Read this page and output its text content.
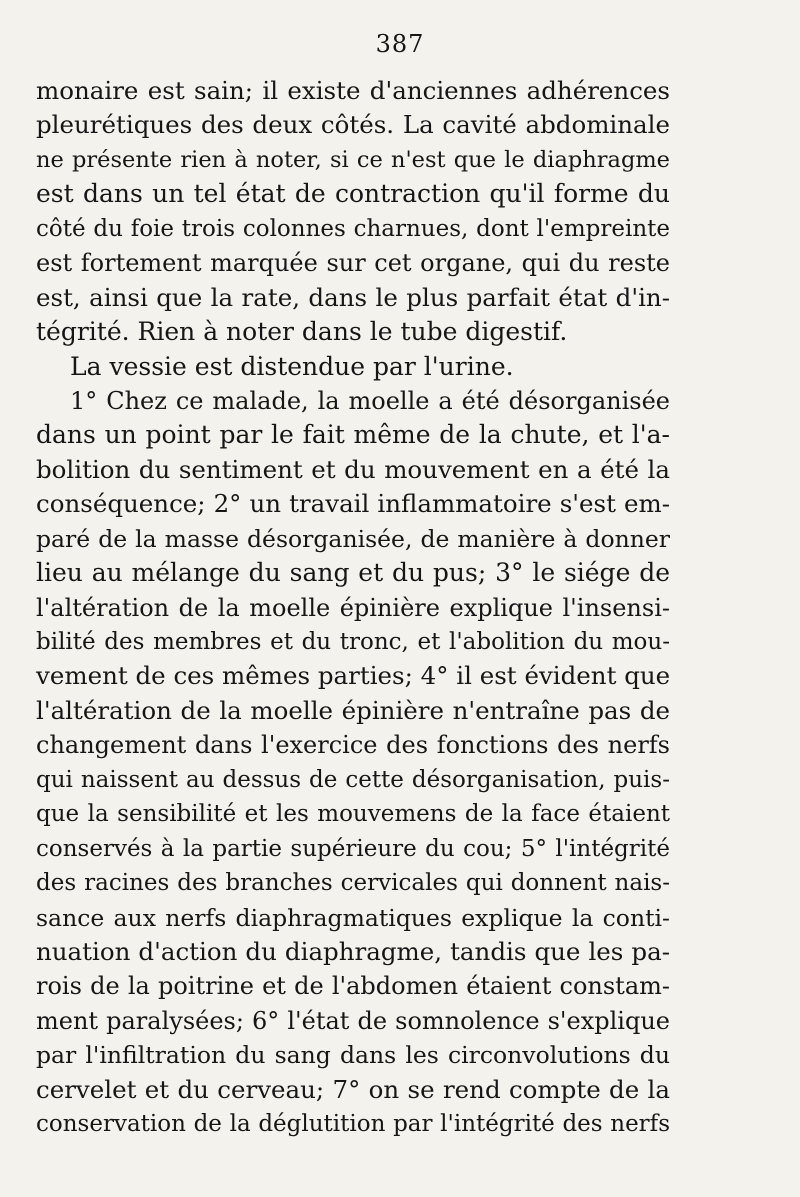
387
monaire est sain; il existe d'anciennes adhérences
pleurétiques des deux côtés. La cavité abdominale
ne présente rien à noter, si ce n'est que le diaphragme
est dans un tel état de contraction qu'il forme du
côté du foie trois colonnes charnues, dont l'empreinte
est fortement marquée sur cet organe, qui du reste
est, ainsi que la rate, dans le plus parfait état d'in-
tégrité. Rien à noter dans le tube digestif.
La vessie est distendue par l'urine.
1° Chez ce malade, la moelle a été désorganisée
dans un point par le fait même de la chute, et l'a-
bolition du sentiment et du mouvement en a été la
conséquence; 2° un travail inflammatoire s'est em-
paré de la masse désorganisée, de manière à donner
lieu au mélange du sang et du pus; 3° le siége de
l'altération de la moelle épinière explique l'insensi-
bilité des membres et du tronc, et l'abolition du mou-
vement de ces mêmes parties; 4° il est évident que
l'altération de la moelle épinière n'entraîne pas de
changement dans l'exercice des fonctions des nerfs
qui naissent au dessus de cette désorganisation, puis-
que la sensibilité et les mouvemens de la face étaient
conservés à la partie supérieure du cou; 5° l'intégrité
des racines des branches cervicales qui donnent nais-
sance aux nerfs diaphragmatiques explique la conti-
nuation d'action du diaphragme, tandis que les pa-
rois de la poitrine et de l'abdomen étaient constam-
ment paralysées; 6° l'état de somnolence s'explique
par l'infiltration du sang dans les circonvolutions du
cervelet et du cerveau; 7° on se rend compte de la
conservation de la déglutition par l'intégrité des nerfs
